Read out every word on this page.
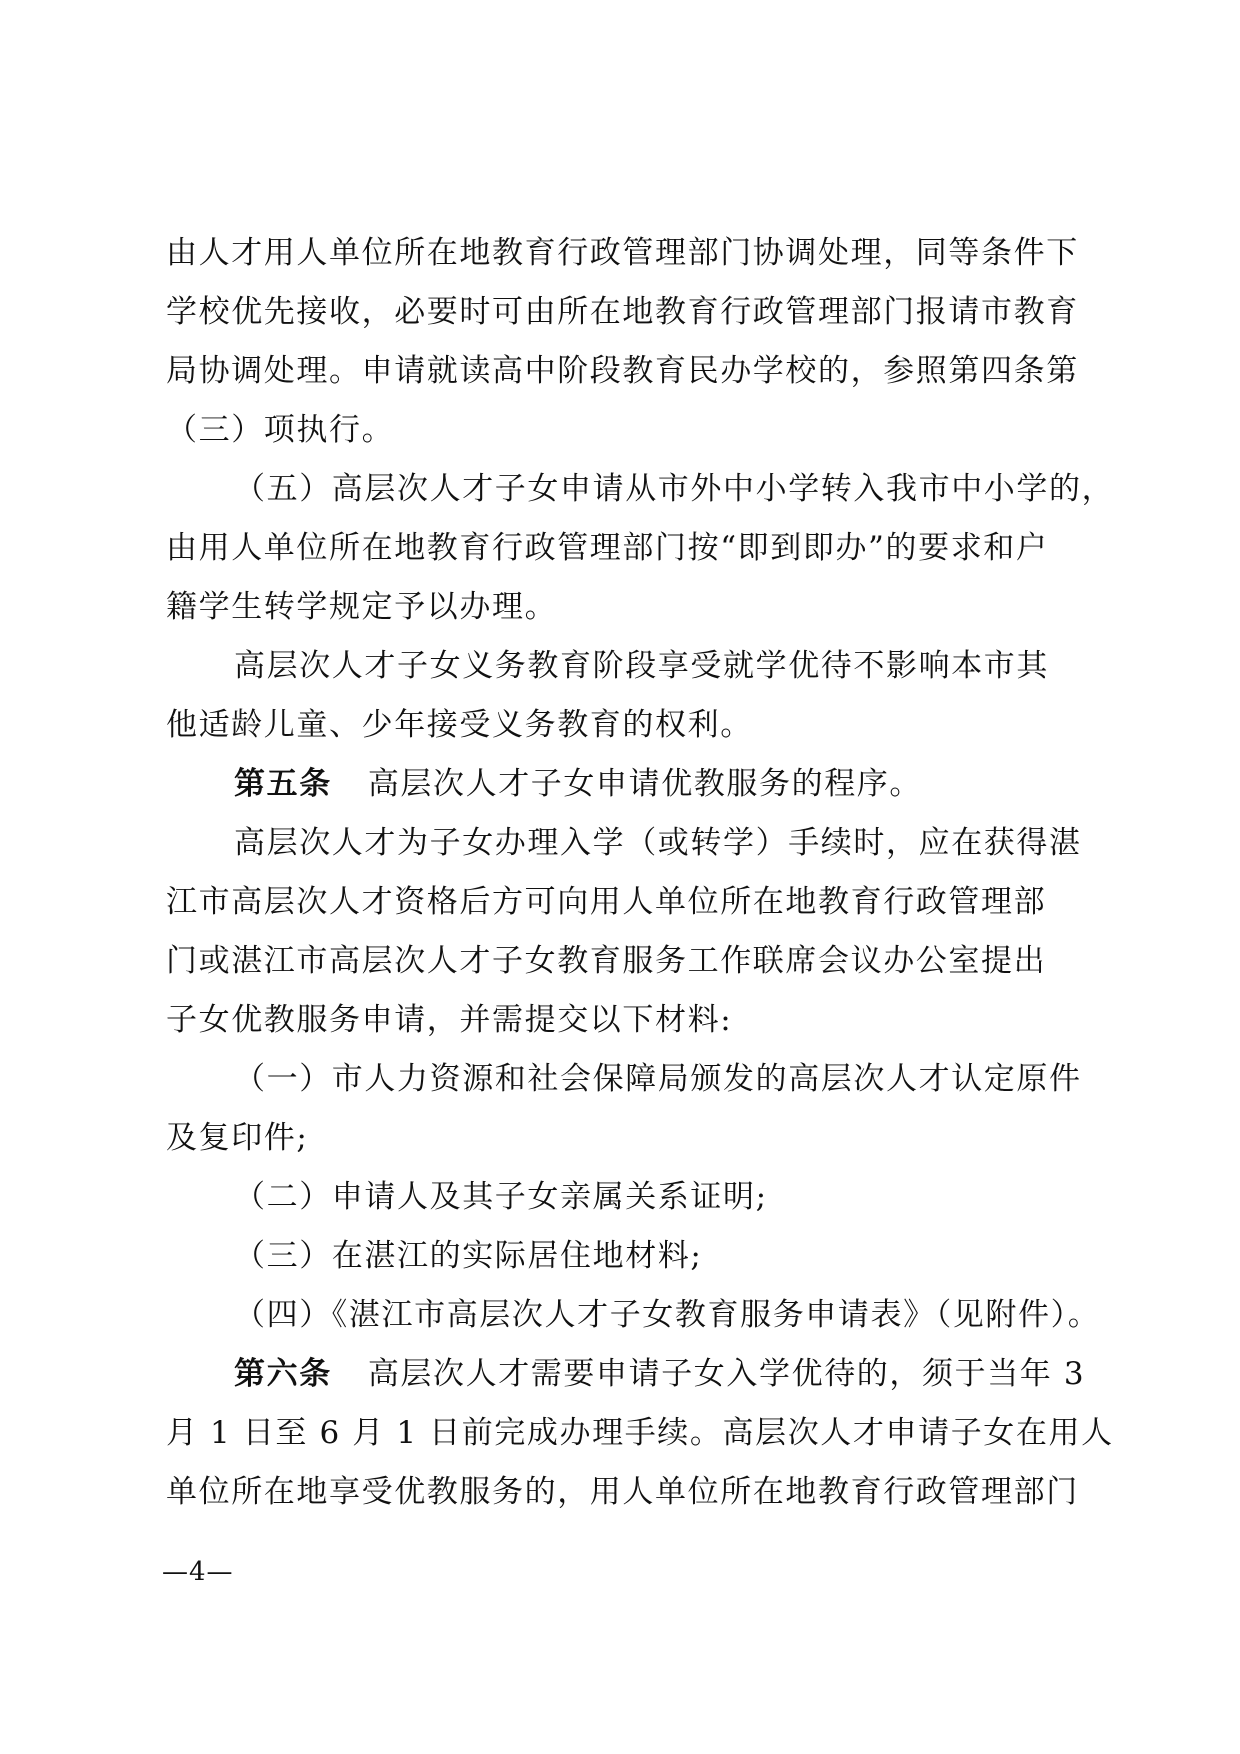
由人才用人单位所在地教育行政管理部门协调处理，同等条件下
学校优先接收，必要时可由所在地教育行政管理部门报请市教育
局协调处理。申请就读高中阶段教育民办学校的，参照第四条第
（三）项执行。
（五）高层次人才子女申请从市外中小学转入我市中小学的，
由用人单位所在地教育行政管理部门按“即到即办”的要求和户
籍学生转学规定予以办理。
高层次人才子女义务教育阶段享受就学优待不影响本市其
他适龄儿童、少年接受义务教育的权利。
第五条 高层次人才子女申请优教服务的程序。
高层次人才为子女办理入学（或转学）手续时，应在获得湛
江市高层次人才资格后方可向用人单位所在地教育行政管理部
门或湛江市高层次人才子女教育服务工作联席会议办公室提出
子女优教服务申请，并需提交以下材料:
（一）市人力资源和社会保障局颁发的高层次人才认定原件
及复印件;
（二）申请人及其子女亲属关系证明;
（三）在湛江的实际居住地材料;
（四）《湛江市高层次人才子女教育服务申请表》（见附件）。
第六条 高层次人才需要申请子女入学优待的，须于当年 3
月 1 日至 6 月 1 日前完成办理手续。高层次人才申请子女在用人
单位所在地享受优教服务的，用人单位所在地教育行政管理部门
—4—
